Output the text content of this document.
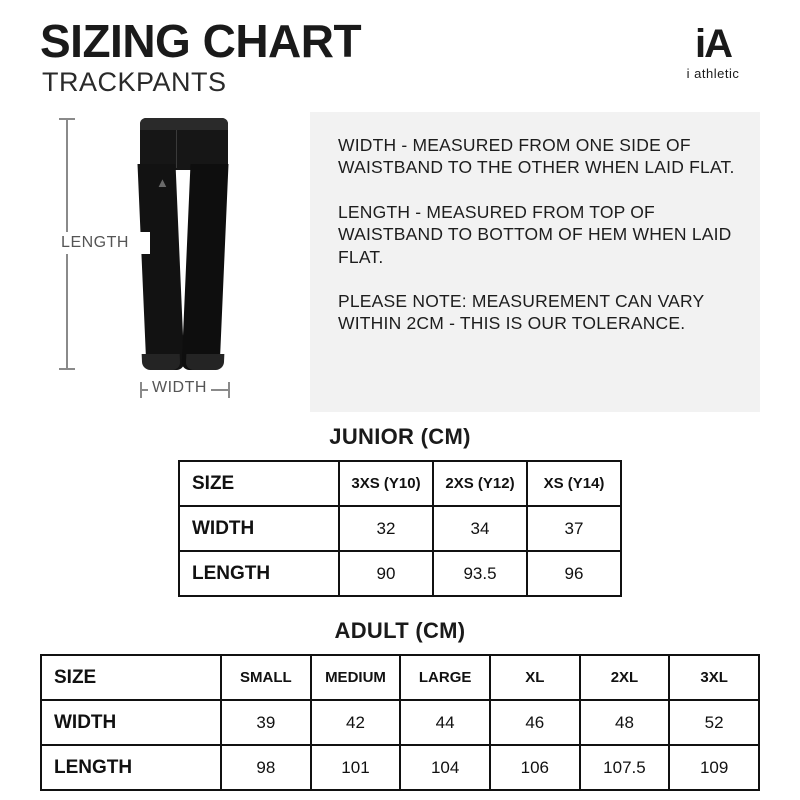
SIZING CHART
TRACKPANTS
iA
i athletic
▲
LENGTH
WIDTH

WIDTH - MEASURED FROM ONE SIDE OF WAISTBAND TO THE OTHER WHEN LAID FLAT.

LENGTH - MEASURED FROM TOP OF WAISTBAND TO BOTTOM OF HEM WHEN LAID FLAT.

PLEASE NOTE: MEASUREMENT CAN VARY WITHIN 2CM - THIS IS OUR TOLERANCE.

JUNIOR (CM)
SIZE	3XS (Y10)	2XS (Y12)	XS (Y14)
WIDTH	32	34	37
LENGTH	90	93.5	96
ADULT (CM)
SIZE	SMALL	MEDIUM	LARGE	XL	2XL	3XL
WIDTH	39	42	44	46	48	52
LENGTH	98	101	104	106	107.5	109
